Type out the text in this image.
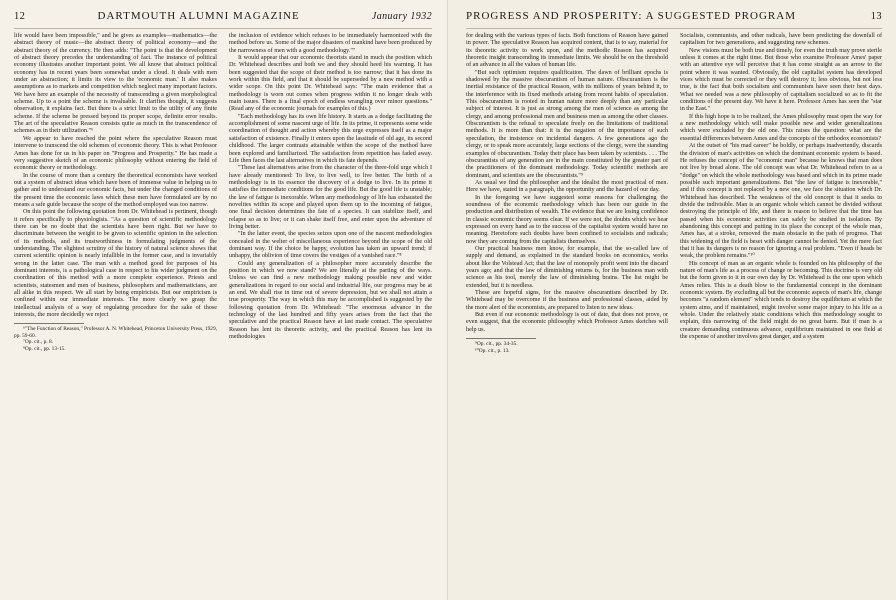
12	DARTMOUTH ALUMNI MAGAZINE	January 1932

life would have been impossible," and he gives as examples—mathematics—the abstract theory of music—the abstract theory of political economy—and the abstract theory of the currency. He then adds: "The point is that the development of abstract theory precedes the understanding of fact. The instance of political economy illustrates another important point. We all know that abstract political economy has in recent years been somewhat under a cloud. It deals with men under an abstraction; it limits its view to the 'economic man.' It also makes assumptions as to markets and competition which neglect many important factors. We have here an example of the necessity of transcending a given morphological scheme. Up to a point the scheme is invaluable. It clarifies thought, it suggests observation, it explains fact. But there is a strict limit to the utility of any finite scheme. If the scheme be pressed beyond its proper scope, definite error results. The art of the speculative Reason consists quite as much in the transcendence of schemes as in their utilization."⁶

We appear to have reached the point where the speculative Reason must intervene to transcend the old schemes of economic theory. This is what Professor Ames has done for us in his paper on "Progress and Prosperity." He has made a very suggestive sketch of an economic philosophy without entering the field of economic theory or methodology.

In the course of more than a century the theoretical economists have worked out a system of abstract ideas which have been of immense value in helping us to gather and to understand our economic facts, but under the changed conditions of the present time the economic laws which these men have formulated are by no means a safe guide because the scope of the method employed was too narrow.

On this point the following quotation from Dr. Whitehead is pertinent, though it refers specifically to physiologists. "As a question of scientific methodology there can be no doubt that the scientists have been right. But we have to discriminate between the weight to be given to scientific opinion in the selection of its methods, and its trustworthiness in formulating judgments of the understanding. The slightest scrutiny of the history of natural science shows that current scientific opinion is nearly infallible in the former case, and is invariably wrong in the latter case. The man with a method good for purposes of his dominant interests, is a pathological case in respect to his wider judgment on the coordination of this method with a more complete experience. Priests and scientists, statesmen and men of business, philosophers and mathematicians, are all alike in this respect. We all start by being empiricists. But our empiricism is confined within our immediate interests. The more clearly we grasp the intellectual analysis of a way of regulating procedure for the sake of those interests, the more decidedly we reject

⁶"The Function of Reason," Professor A. N. Whitehead, Princeton University Press, 1929, pp. 59-60.

⁷Op. cit., p. 8.

⁸Op. cit., pp. 13-15.

the inclusion of evidence which refuses to be immediately harmonized with the method before us. Some of the major disasters of mankind have been produced by the narrowness of men with a good methodology."⁷

It would appear that our economic theorists stand in much the position which Dr. Whitehead describes and both we and they should heed his warning. It has been suggested that the scope of their method is too narrow; that it has done its work within this field, and that it should be superseded by a new method with a wider scope. On this point Dr. Whitehead says: "The main evidence that a methodology is worn out comes when progress within it no longer deals with main issues. There is a final epoch of endless wrangling over minor questions." (Read any of the economic journals for examples of this.)

"Each methodology has its own life history. It starts as a dodge facilitating the accomplishment of some nascent urge of life. In its prime, it represents some wide coordination of thought and action whereby this urge expresses itself as a major satisfaction of existence. Finally it enters upon the lassitude of old age, its second childhood. The larger contrasts attainable within the scope of the method have been explored and familiarized. The satisfaction from repetition has faded away. Life then faces the last alternatives in which its fate depends.

"These last alternatives arise from the character of the three-fold urge which I have already mentioned: To live, to live well, to live better. The birth of a methodology is in its essence the discovery of a dodge to live. In its prime it satisfies the immediate conditions for the good life. But the good life is unstable; the law of fatigue is inexorable. When any methodology of life has exhausted the novelties within its scope and played upon them up to the incoming of fatigue, one final decision determines the fate of a species. It can stabilize itself, and relapse so as to live; or it can shake itself free, and enter upon the adventure of living better.

"In the latter event, the species seizes upon one of the nascent methodologies concealed in the welter of miscellaneous experience beyond the scope of the old dominant way. If the choice be happy, evolution has taken an upward trend; if unhappy, the oblivion of time covers the vestiges of a vanished race."⁸

Could any generalization of a philosopher more accurately describe the position in which we now stand? We are literally at the parting of the ways. Unless we can find a new methodology making possible new and wider generalizations in regard to our social and industrial life, our progress may be at an end. We shall rise in time out of severe depression, but we shall not attain a true prosperity. The way in which this may be accomplished is suggested by the following quotation from Dr. Whitehead: "The enormous advance in the technology of the last hundred and fifty years arises from the fact that the speculative and the practical Reason have at last made contact. The speculative Reason has lent its theoretic activity, and the practical Reason has lent its methodologies

PROGRESS AND PROSPERITY: A SUGGESTED PROGRAM	13

for dealing with the various types of facts. Both functions of Reason have gained in power. The speculative Reason has acquired content, that is to say, material for its theoretic activity to work upon, and the methodic Reason has acquired theoretic insight transcending its immediate limits. We should be on the threshold of an advance in all the values of human life.

"But such optimism requires qualification. The dawn of brilliant epochs is shadowed by the massive obscurantism of human nature. Obscurantism is the inertial resistance of the practical Reason, with its millions of years behind it, to the interference with its fixed methods arising from recent habits of speculation. This obscurantism is rooted in human nature more deeply than any particular subject of interest. It is just as strong among the men of science as among the clergy, and among professional men and business men as among the other classes. Obscurantism is the refusal to speculate freely on the limitations of traditional methods. It is more than that: it is the negation of the importance of such speculation, the insistence on incidental dangers. A few generations ago the clergy, or to speak more accurately, large sections of the clergy, were the standing examples of obscurantism. Today their place has been taken by scientists. . . . The obscurantists of any generation are in the main constituted by the greater part of the practitioners of the dominant methodology. Today scientific methods are dominant, and scientists are the obscurantists."⁹

As usual we find the philosopher and the idealist the most practical of men. Here we have, stated in a paragraph, the opportunity and the hazard of our day.

In the foregoing we have suggested some reasons for challenging the soundness of the economic methodology which has been our guide in the production and distribution of wealth. The evidence that we are losing confidence in classic economic theory seems clear. If we were not, the doubts which we hear expressed on every hand as to the success of the capitalist system would have no meaning. Heretofore such doubts have been confined to socialists and radicals; now they are coming from the capitalists themselves.

Our practical business men know, for example, that the so-called law of supply and demand, as explained in the standard books on economics, works about like the Volstead Act; that the law of monopoly profit went into the discard years ago; and that the law of diminishing returns is, for the business man with science as his tool, merely the law of diminishing brains. The list might be extended, but it is needless.

These are hopeful signs, for the massive obscurantism described by Dr. Whitehead may be overcome if the business and professional classes, aided by the more alert of the economists, are prepared to listen to new ideas.

But even if our economic methodology is out of date, that does not prove, or even suggest, that the economic philosophy which Professor Ames sketches will help us.

⁹Op. cit., pp. 34-35.

¹⁰Op. cit., p. 13.

Socialists, communists, and other radicals, have been predicting the downfall of capitalism for two generations, and suggesting new schemes.

New visions must be both true and timely, for even the truth may prove sterile unless it comes at the right time. But those who examine Professor Ames' paper with an attentive eye will perceive that it has come straight as an arrow to the point where it was wanted. Obviously, the old capitalist system has developed vices which must be corrected or they will destroy it; less obvious, but not less true, is the fact that both socialism and communism have seen their best days. What we needed was a new philosophy of capitalism socialized so as to fit the conditions of the present day. We have it here. Professor Ames has seen the "star in the East."

If this high hope is to be realized, the Ames philosophy must open the way for a new methodology which will make possible new and wider generalizations which were excluded by the old one. This raises the question: what are the essential differences between Ames and the concepts of the orthodox economists?

At the outset of "his mad career" he boldly, or perhaps inadvertently, discards the division of man's activities on which the dominant economic system is based. He refuses the concept of the "economic man" because he knows that man does not live by bread alone. The old concept was what Dr. Whitehead refers to as a "dodge" on which the whole methodology was based and which in its prime made possible such important generalizations. But "the law of fatigue is inexorable," and if this concept is not replaced by a new one, we face the situation which Dr. Whitehead has described. The weakness of the old concept is that it seeks to divide the indivisible. Man is an organic whole which cannot be divided without destroying the principle of life, and there is reason to believe that the time has passed when his economic activities can safely be studied in isolation. By abandoning this concept and putting in its place the concept of the whole man, Ames has, at a stroke, removed the main obstacle in the path of progress. That this widening of the field is beset with danger cannot be denied. Yet the mere fact that it has its dangers is no reason for ignoring a real problem. "Even if heads be weak, the problem remains."¹⁰

His concept of man as an organic whole is founded on his philosophy of the nature of man's life as a process of change or becoming. This doctrine is very old but the form given to it in our own day by Dr. Whitehead is the one upon which Ames relies. This is a death blow to the fundamental concept in the dominant economic system. By excluding all but the economic aspects of man's life, change becomes "a random element" which tends to destroy the equilibrium at which the system aims, and if maintained, might involve some major injury to his life as a whole. Under the relatively static conditions which this methodology sought to explain, this narrowing of the field might do no great harm. But if man is a creature demanding continuous advance, equilibrium maintained in one field at the expense of another involves great danger, and a system
